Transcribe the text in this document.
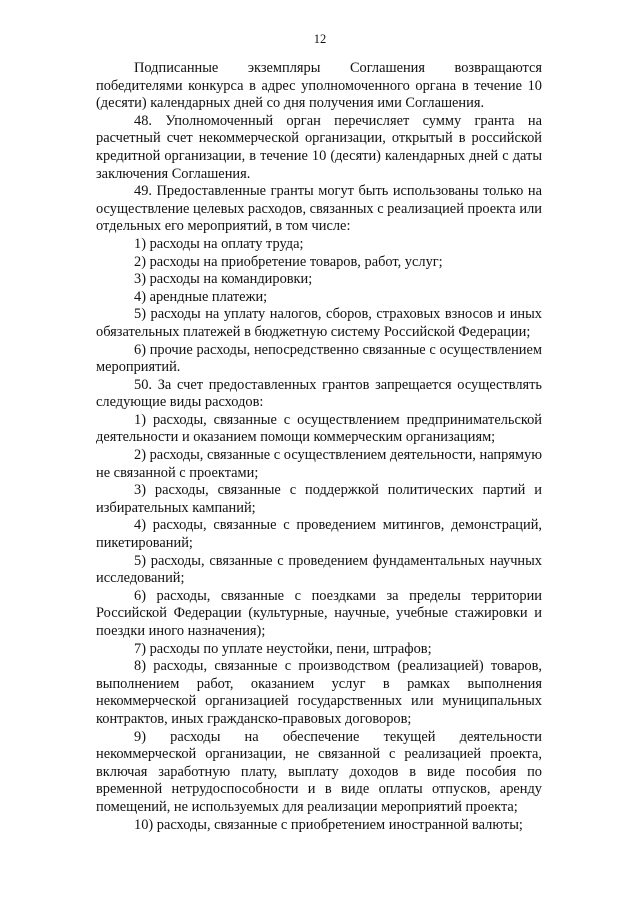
12

Подписанные экземпляры Соглашения возвращаются победителями конкурса в адрес уполномоченного органа в течение 10 (десяти) календарных дней со дня получения ими Соглашения.

48. Уполномоченный орган перечисляет сумму гранта на расчетный счет некоммерческой организации, открытый в российской кредитной организации, в течение 10 (десяти) календарных дней с даты заключения Соглашения.

49. Предоставленные гранты могут быть использованы только на осуществление целевых расходов, связанных с реализацией проекта или отдельных его мероприятий, в том числе:

1) расходы на оплату труда;

2) расходы на приобретение товаров, работ, услуг;

3) расходы на командировки;

4) арендные платежи;

5) расходы на уплату налогов, сборов, страховых взносов и иных обязательных платежей в бюджетную систему Российской Федерации;

6) прочие расходы, непосредственно связанные с осуществлением мероприятий.

50. За счет предоставленных грантов запрещается осуществлять следующие виды расходов:

1) расходы, связанные с осуществлением предпринимательской деятельности и оказанием помощи коммерческим организациям;

2) расходы, связанные с осуществлением деятельности, напрямую не связанной с проектами;

3) расходы, связанные с поддержкой политических партий и избирательных кампаний;

4) расходы, связанные с проведением митингов, демонстраций, пикетирований;

5) расходы, связанные с проведением фундаментальных научных исследований;

6) расходы, связанные с поездками за пределы территории Российской Федерации (культурные, научные, учебные стажировки и поездки иного назначения);

7) расходы по уплате неустойки, пени, штрафов;

8) расходы, связанные с производством (реализацией) товаров, выполнением работ, оказанием услуг в рамках выполнения некоммерческой организацией государственных или муниципальных контрактов, иных гражданско-правовых договоров;

9) расходы на обеспечение текущей деятельности некоммерческой организации, не связанной с реализацией проекта, включая заработную плату, выплату доходов в виде пособия по временной нетрудоспособности и в виде оплаты отпусков, аренду помещений, не используемых для реализации мероприятий проекта;

10) расходы, связанные с приобретением иностранной валюты;
